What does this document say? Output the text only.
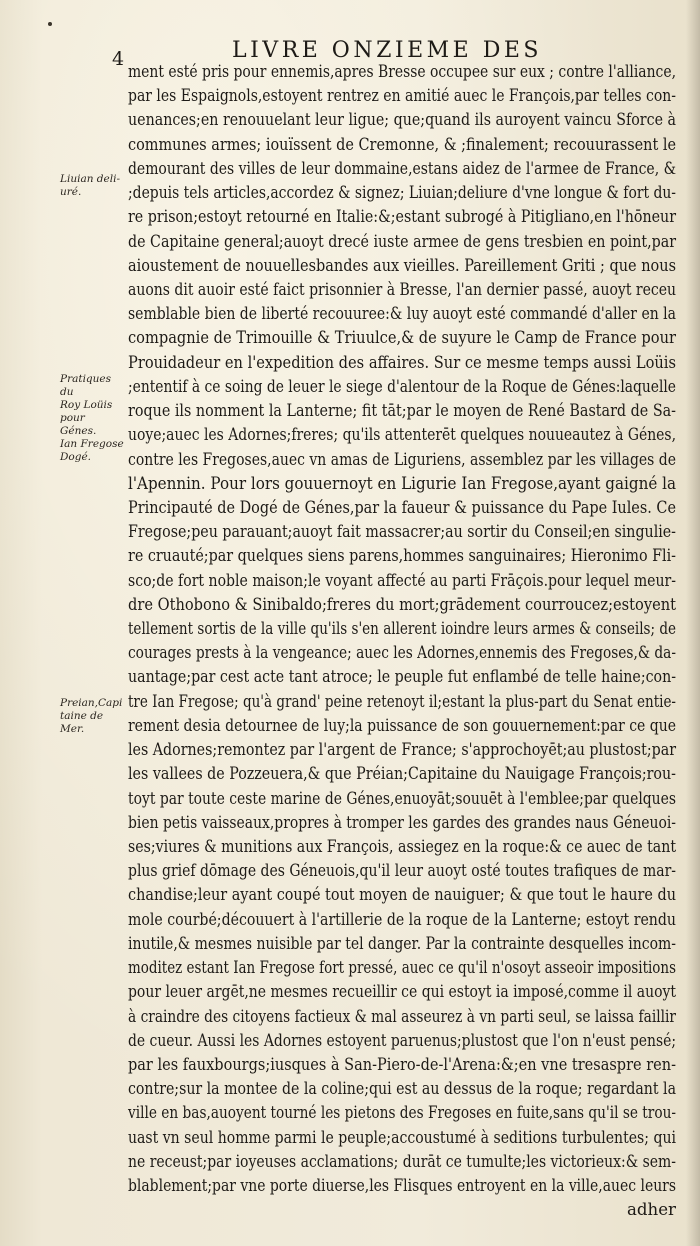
4	LIVRE ONZIEME DES
Liuian deli-
uré.
Pratiques du
Roy Loüis
pour Génes.
Ian Fregose
Dogé.
Preian,Capi
taine de
Mer.
ment esté pris pour ennemis,apres Bresse occupee sur eux ; contre l'alliance,
par les Espaignols,estoyent rentrez en amitié auec le François,par telles con-
uenances;en renouuelant leur ligue; que;quand ils auroyent vaincu Sforce à
communes armes; iouïssent de Cremonne, & ;finalement; recouurassent le
demourant des villes de leur dommaine,estans aidez de l'armee de France, &
;depuis tels articles,accordez & signez; Liuian;deliure d'vne longue & fort du-
re prison;estoyt retourné en Italie:&;estant subrogé à Pitigliano,en l'hōneur
de Capitaine general;auoyt drecé iuste armee de gens tresbien en point,par
aioustement de nouuellesbandes aux vieilles. Pareillement Griti ; que nous
auons dit auoir esté faict prisonnier à Bresse, l'an dernier passé, auoyt receu
semblable bien de liberté recouuree:& luy auoyt esté commandé d'aller en la
compagnie de Trimouille & Triuulce,& de suyure le Camp de France pour
Prouidadeur en l'expedition des affaires. Sur ce mesme temps aussi Loüis
;ententif à ce soing de leuer le siege d'alentour de la Roque de Génes:laquelle
roque ils nomment la Lanterne; fit tāt;par le moyen de René Bastard de Sa-
uoye;auec les Adornes;freres; qu'ils attenterēt quelques nouueautez à Génes,
contre les Fregoses,auec vn amas de Liguriens, assemblez par les villages de
l'Apennin. Pour lors gouuernoyt en Ligurie Ian Fregose,ayant gaigné la
Principauté de Dogé de Génes,par la faueur & puissance du Pape Iules. Ce
Fregose;peu parauant;auoyt fait massacrer;au sortir du Conseil;en singulie-
re cruauté;par quelques siens parens,hommes sanguinaires; Hieronimo Fli-
sco;de fort noble maison;le voyant affecté au parti Frāçois.pour lequel meur-
dre Othobono & Sinibaldo;freres du mort;grādement courroucez;estoyent
tellement sortis de la ville qu'ils s'en allerent ioindre leurs armes & conseils; de
courages prests à la vengeance; auec les Adornes,ennemis des Fregoses,& da-
uantage;par cest acte tant atroce; le peuple fut enflambé de telle haine;con-
tre Ian Fregose; qu'à grand' peine retenoyt il;estant la plus-part du Senat entie-
rement desia detournee de luy;la puissance de son gouuernement:par ce que
les Adornes;remontez par l'argent de France; s'approchoyēt;au plustost;par
les vallees de Pozzeuera,& que Préian;Capitaine du Nauigage François;rou-
toyt par toute ceste marine de Génes,enuoyāt;souuēt à l'emblee;par quelques
bien petis vaisseaux,propres à tromper les gardes des grandes naus Géneuoi-
ses;viures & munitions aux François, assiegez en la roque:& ce auec de tant
plus grief dōmage des Géneuois,qu'il leur auoyt osté toutes trafiques de mar-
chandise;leur ayant coupé tout moyen de nauiguer; & que tout le haure du
mole courbé;découuert à l'artillerie de la roque de la Lanterne; estoyt rendu
inutile,& mesmes nuisible par tel danger. Par la contrainte desquelles incom-
moditez estant Ian Fregose fort pressé, auec ce qu'il n'osoyt asseoir impositions
pour leuer argēt,ne mesmes recueillir ce qui estoyt ia imposé,comme il auoyt
à craindre des citoyens factieux & mal asseurez à vn parti seul, se laissa faillir
de cueur. Aussi les Adornes estoyent paruenus;plustost que l'on n'eust pensé;
par les fauxbourgs;iusques à San-Piero-de-l'Arena:&;en vne tresaspre ren-
contre;sur la montee de la coline;qui est au dessus de la roque; regardant la
ville en bas,auoyent tourné les pietons des Fregoses en fuite,sans qu'il se trou-
uast vn seul homme parmi le peuple;accoustumé à seditions turbulentes; qui
ne receust;par ioyeuses acclamations; durāt ce tumulte;les victorieux:& sem-
blablement;par vne porte diuerse,les Flisques entroyent en la ville,auec leurs
adher
